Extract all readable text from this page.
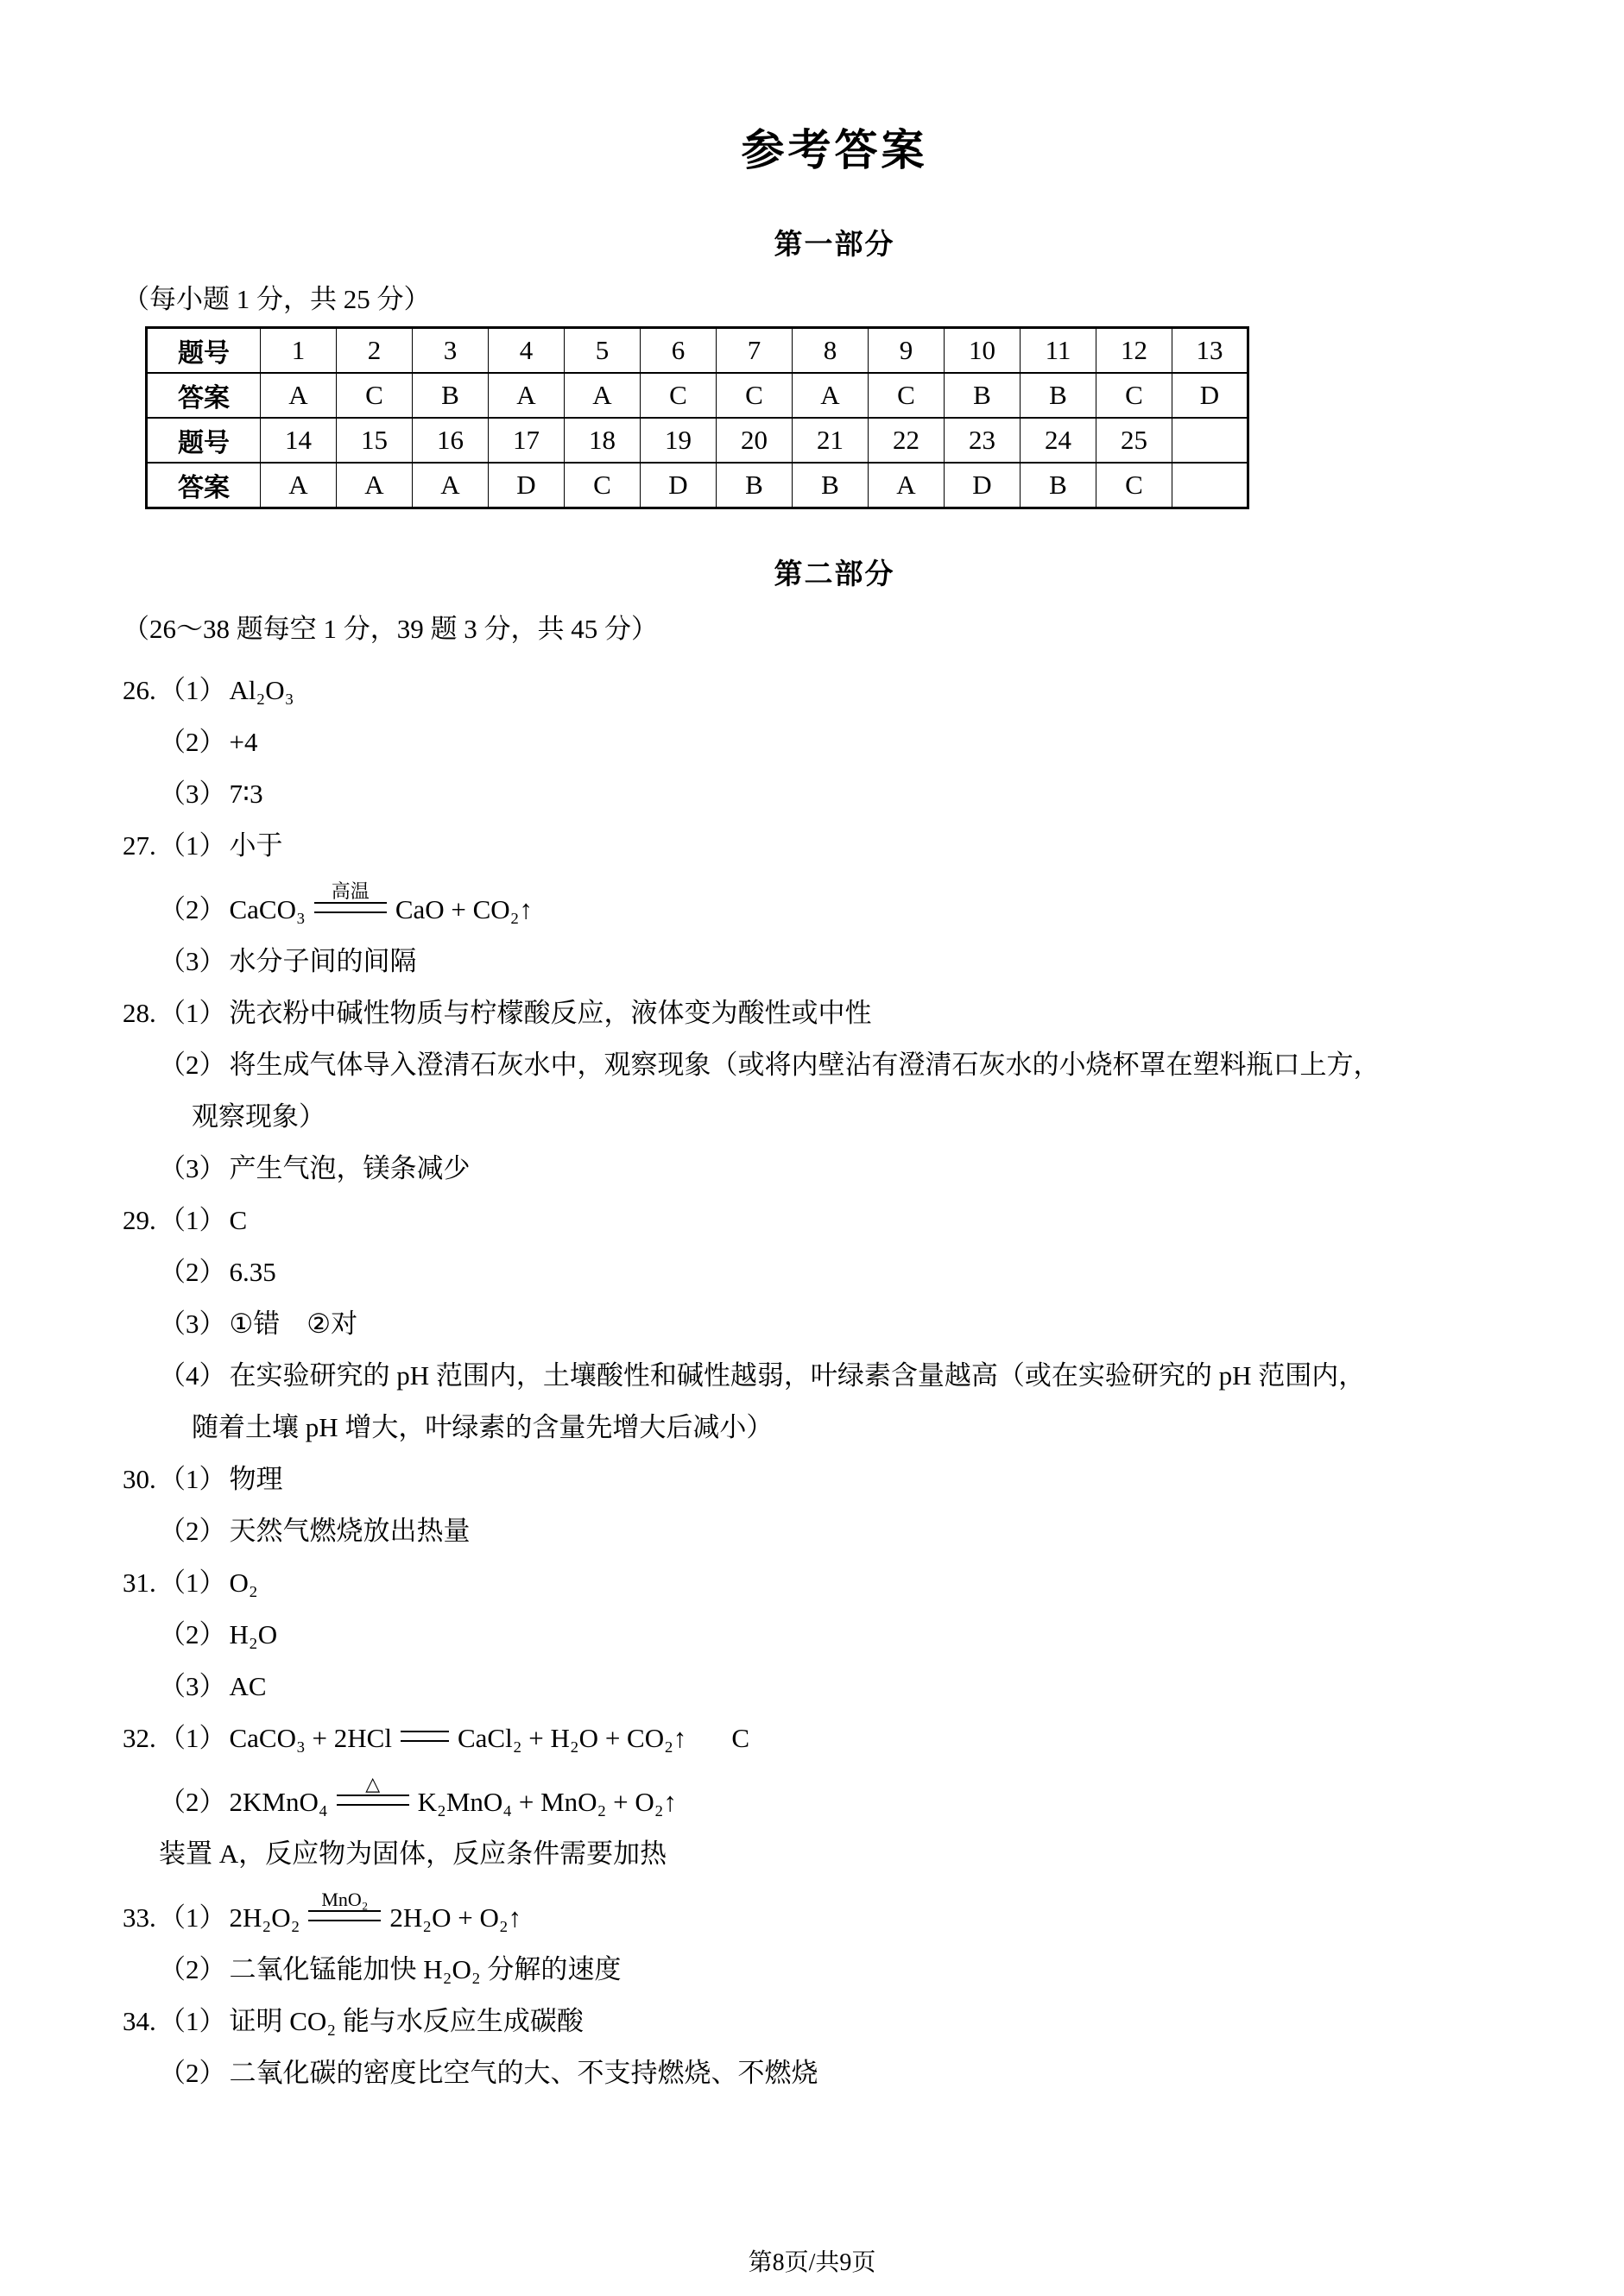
参考答案
第一部分
（每小题 1 分，共 25 分）
题号	1	2	3	4	5	6	7	8	9	10	11	12	13
答案	A	C	B	A	A	C	C	A	C	B	B	C	D
题号	14	15	16	17	18	19	20	21	22	23	24	25	
答案	A	A	A	D	C	D	B	B	A	D	B	C	
第二部分
（26～38 题每空 1 分，39 题 3 分，共 45 分）
26. （1） Al₂O₃
（2） +4
（3） 7∶3
27. （1） 小于
（2） CaCO₃
高温
CaO + CO₂↑
（3） 水分子间的间隔
28. （1） 洗衣粉中碱性物质与柠檬酸反应，液体变为酸性或中性
（2） 将生成气体导入澄清石灰水中，观察现象（或将内壁沾有澄清石灰水的小烧杯罩在塑料瓶口上方，
观察现象）
（3） 产生气泡，镁条减少
29. （1） C
（2） 6.35
（3） ①错　②对
（4） 在实验研究的 pH 范围内，土壤酸性和碱性越弱，叶绿素含量越高（或在实验研究的 pH 范围内，
随着土壤 pH 增大，叶绿素的含量先增大后减小）
30. （1） 物理
（2） 天然气燃烧放出热量
31. （1） O₂
（2） H₂O
（3） AC
32. （1） CaCO₃ + 2HCl CaCl₂ + H₂O + CO₂↑ C
（2） 2KMnO₄
△
K₂MnO₄ + MnO₂ + O₂↑
装置 A，反应物为固体，反应条件需要加热
33. （1） 2H₂O₂
MnO₂
2H₂O + O₂↑
（2） 二氧化锰能加快 H₂O₂ 分解的速度
34. （1） 证明 CO₂ 能与水反应生成碳酸
（2） 二氧化碳的密度比空气的大、不支持燃烧、不燃烧
第8页/共9页
